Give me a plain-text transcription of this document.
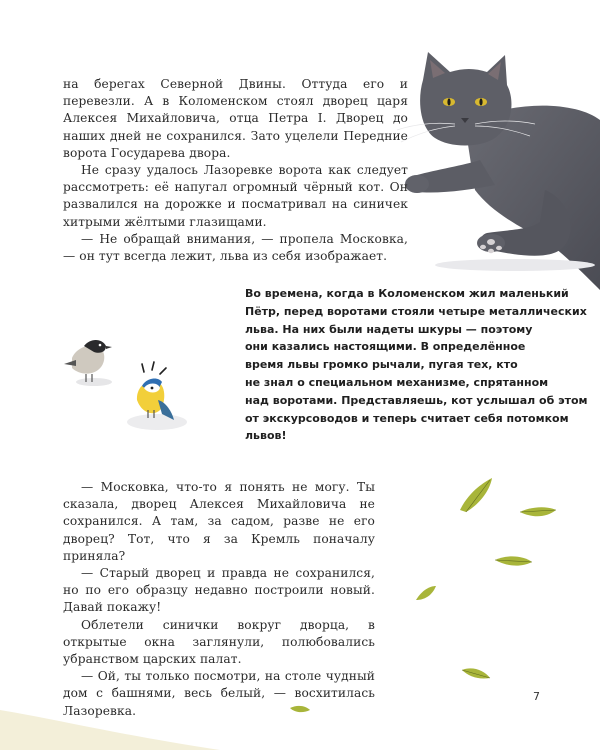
на берегах Северной Двины. Оттуда его и перевезли. А в Коломенском стоял дворец царя Алексея Михайловича, отца Петра I. Дворец до наших дней не сохранился. Зато уцелели Передние ворота Государева двора.

Не сразу удалось Лазоревке ворота как следует рассмотреть: её напугал огромный чёрный кот. Он развалился на дорожке и посматривал на синичек хитрыми жёлтыми глазищами.

— Не обращай внимания, — пропела Московка, — он тут всегда лежит, льва из себя изображает.

Во времена, когда в Коломенском жил маленький
Пётр, перед воротами стояли четыре металлических
льва. На них были надеты шкуры — поэтому
они казались настоящими. В определённое
время львы громко рычали, пугая тех, кто
не знал о специальном механизме, спрятанном
над воротами. Представляешь, кот услышал об этом
от экскурсоводов и теперь считает себя потомком
львов!

— Московка, что-то я понять не могу. Ты сказала, дворец Алексея Михайловича не сохранился. А там, за садом, разве не его дворец? Тот, что я за Кремль поначалу приняла?

— Старый дворец и правда не сохранился, но по его образцу недавно построили новый. Давай покажу!

Облетели синички вокруг дворца, в открытые окна заглянули, полюбовались убранством царских палат.

— Ой, ты только посмотри, на столе чудный дом с башнями, весь белый, — восхитилась Лазоревка.

7
